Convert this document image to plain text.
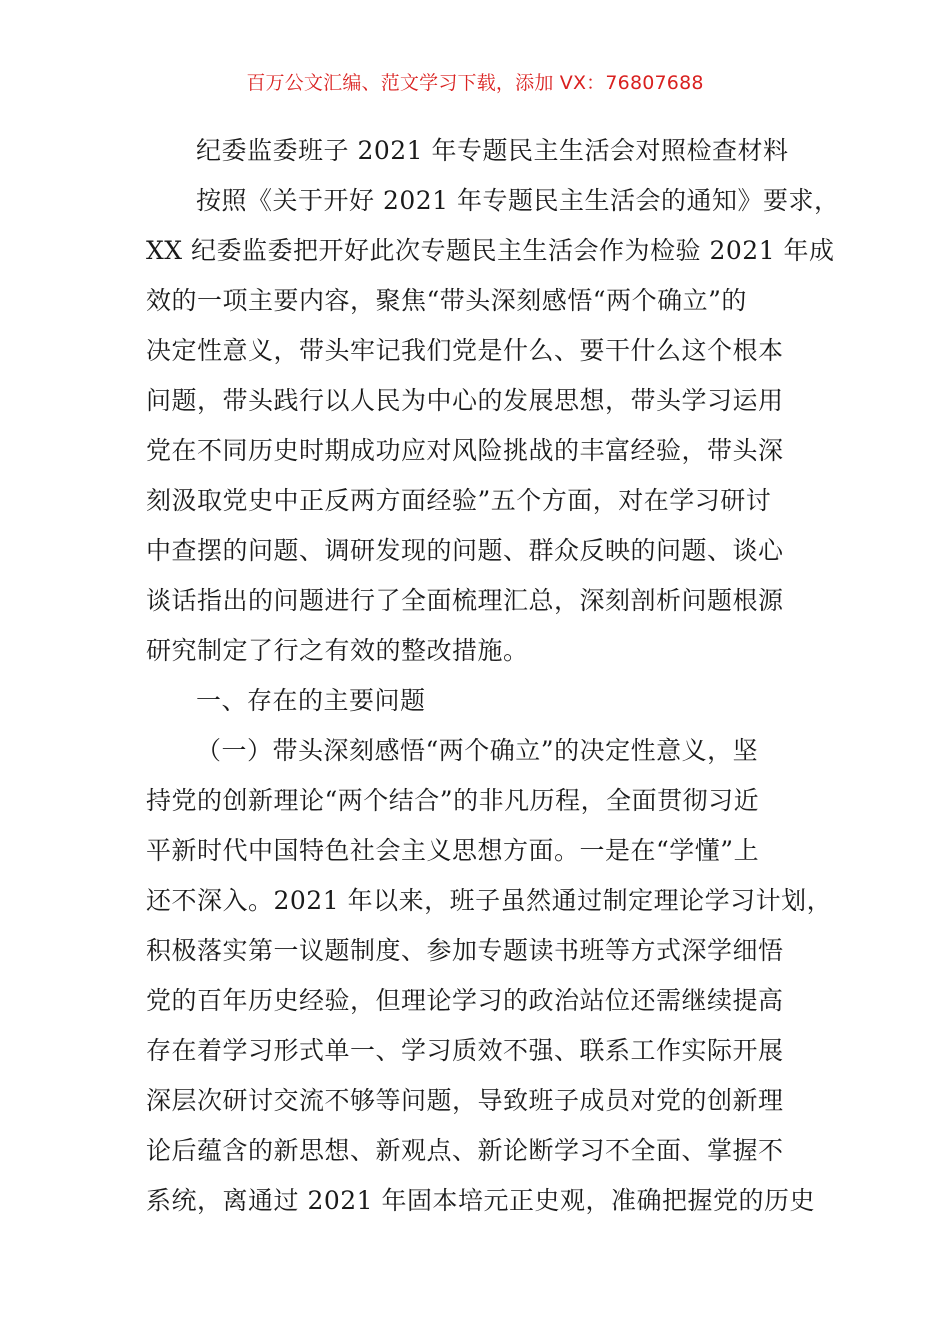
百万公文汇编、范文学习下载，添加 VX：76807688
纪委监委班子 2021 年专题民主生活会对照检查材料
按照《关于开好 2021 年专题民主生活会的通知》要求，
XX 纪委监委把开好此次专题民主生活会作为检验 2021 年成
效的一项主要内容，聚焦“带头深刻感悟“两个确立”的
决定性意义，带头牢记我们党是什么、要干什么这个根本
问题，带头践行以人民为中心的发展思想，带头学习运用
党在不同历史时期成功应对风险挑战的丰富经验，带头深
刻汲取党史中正反两方面经验”五个方面，对在学习研讨
中查摆的问题、调研发现的问题、群众反映的问题、谈心
谈话指出的问题进行了全面梳理汇总，深刻剖析问题根源
研究制定了行之有效的整改措施。
一、存在的主要问题
（一）带头深刻感悟“两个确立”的决定性意义，坚
持党的创新理论“两个结合”的非凡历程，全面贯彻习近
平新时代中国特色社会主义思想方面。一是在“学懂”上
还不深入。2021 年以来，班子虽然通过制定理论学习计划，
积极落实第一议题制度、参加专题读书班等方式深学细悟
党的百年历史经验，但理论学习的政治站位还需继续提高
存在着学习形式单一、学习质效不强、联系工作实际开展
深层次研讨交流不够等问题，导致班子成员对党的创新理
论后蕴含的新思想、新观点、新论断学习不全面、掌握不
系统，离通过 2021 年固本培元正史观，准确把握党的历史
